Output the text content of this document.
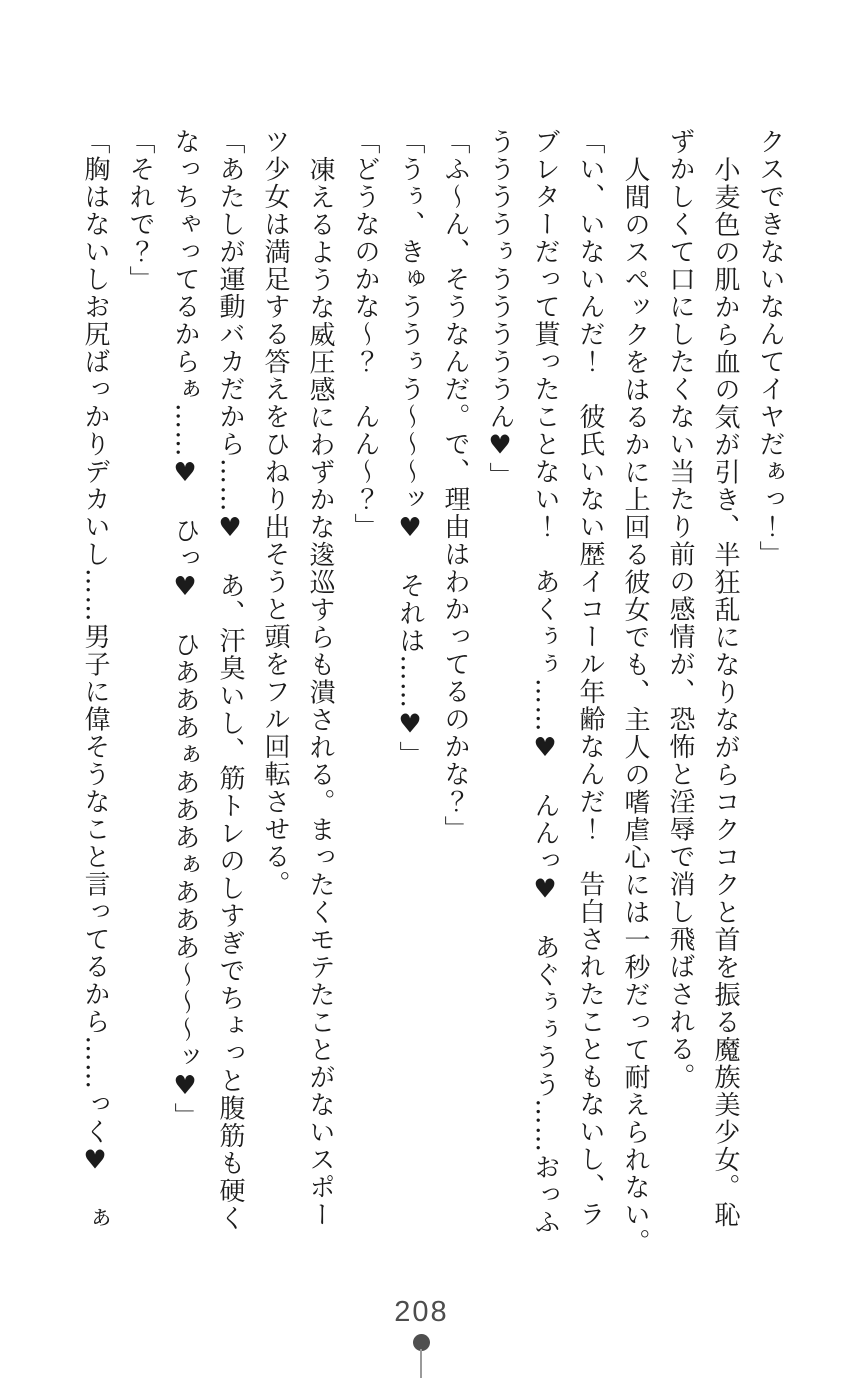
クスできないなんてイヤだぁっ！」

小麦色の肌から血の気が引き、半狂乱になりながらコクコクと首を振る魔族美少女。恥

ずかしくて口にしたくない当たり前の感情が、恐怖と淫辱で消し飛ばされる。

人間のスペックをはるかに上回る彼女でも、主人の嗜虐心には一秒だって耐えられない。

「い、いないんだ！　彼氏いない歴イコール年齢なんだ！　告白されたこともないし、ラ

ブレターだって貰ったことない！　あくぅぅ……♥　んんっ♥　あぐぅぅうう……おっふ

ううううぅうううううん♥」

「ふ〜ん、そうなんだ。で、理由はわかってるのかな？」

「うぅ、きゅううぅう〜〜〜ッ♥　それは……♥」

「どうなのかな〜？　んん〜？」

凍えるような威圧感にわずかな逡巡すらも潰される。まったくモテたことがないスポー

ツ少女は満足する答えをひねり出そうと頭をフル回転させる。

「あたしが運動バカだから……♥　あ、汗臭いし、筋トレのしすぎでちょっと腹筋も硬く

なっちゃってるからぁ……♥　ひっ♥　ひあああぁあああぁあああ〜〜〜ッ♥」

「それで？」

「胸はないしお尻ばっかりデカいし……男子に偉そうなこと言ってるから……っく♥　ぁ

208
